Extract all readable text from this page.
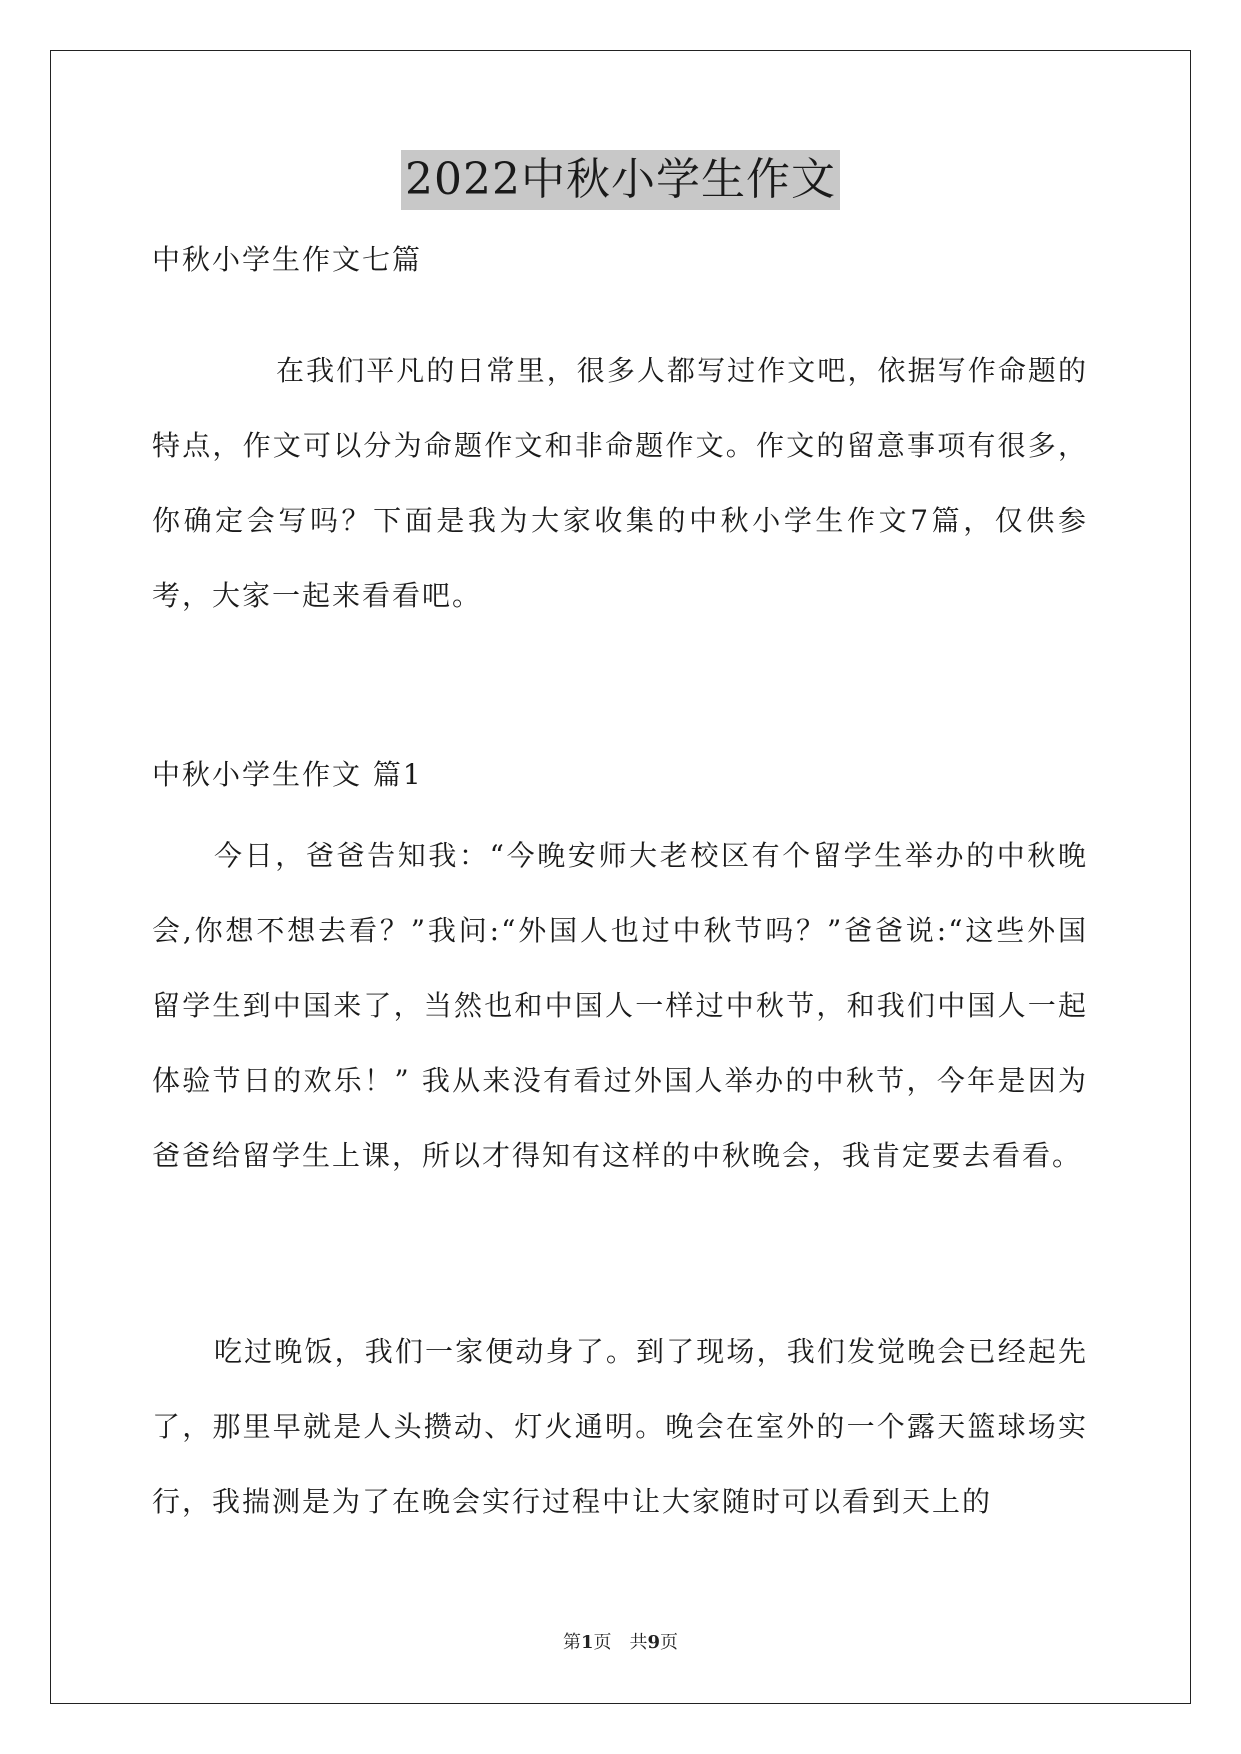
2022中秋小学生作文

中秋小学生作文七篇

在我们平凡的日常里，很多人都写过作文吧，依据写作命题的特点，作文可以分为命题作文和非命题作文。作文的留意事项有很多，你确定会写吗？下面是我为大家收集的中秋小学生作文7篇，仅供参考，大家一起来看看吧。

中秋小学生作文 篇1

今日，爸爸告知我：“今晚安师大老校区有个留学生举办的中秋晚会,你想不想去看？”我问:“外国人也过中秋节吗？”爸爸说:“这些外国留学生到中国来了，当然也和中国人一样过中秋节，和我们中国人一起体验节日的欢乐！” 我从来没有看过外国人举办的中秋节，今年是因为爸爸给留学生上课，所以才得知有这样的中秋晚会，我肯定要去看看。

吃过晚饭，我们一家便动身了。到了现场，我们发觉晚会已经起先了，那里早就是人头攒动、灯火通明。晚会在室外的一个露天篮球场实行，我揣测是为了在晚会实行过程中让大家随时可以看到天上的

第1页 共9页
